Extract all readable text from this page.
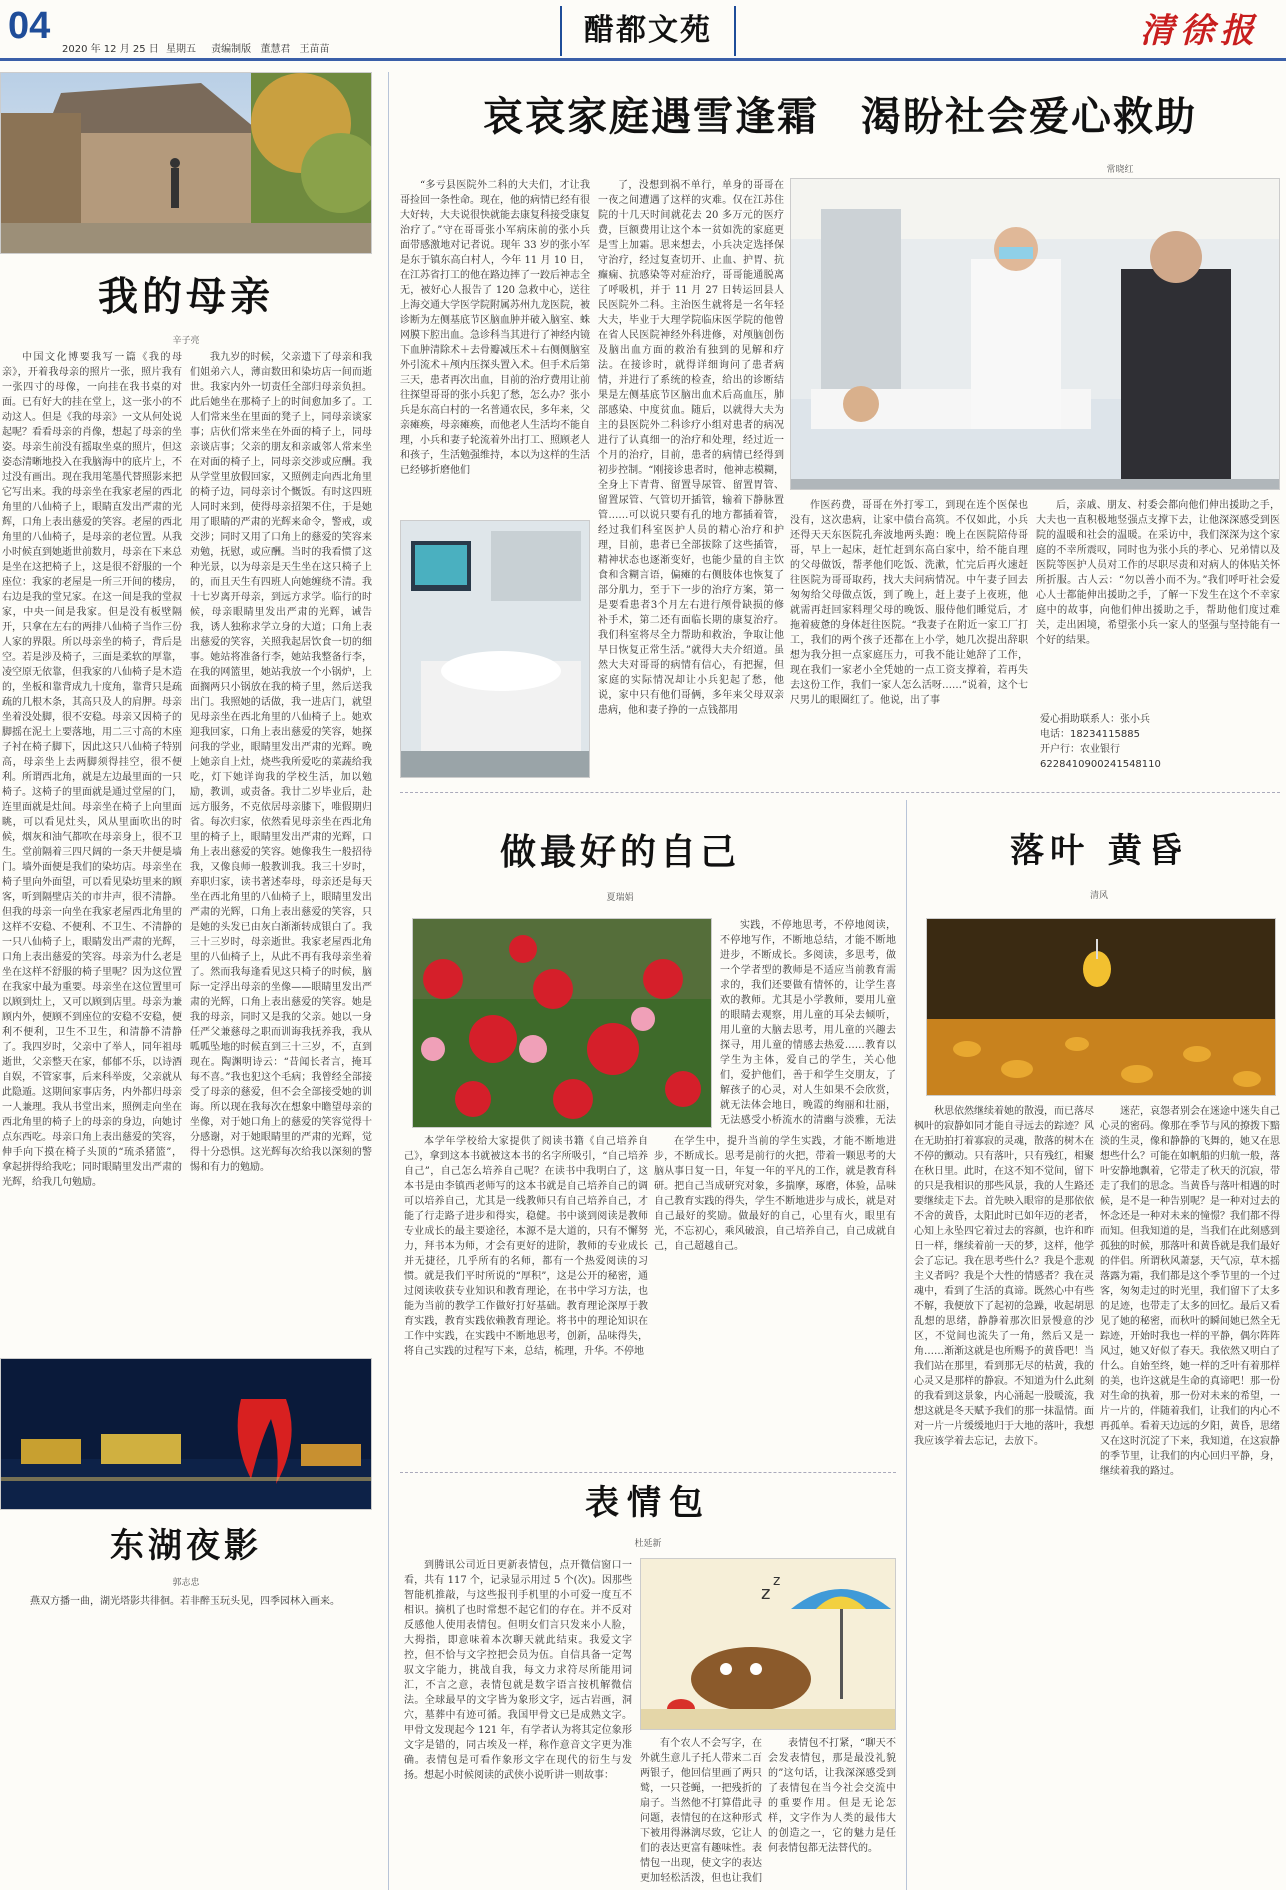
04
2020 年 12 月 25 日 星期五 责编制版 董慧君 王苗苗
醋都文苑	清徐报
我的母亲
辛子亮
中国文化博要我写一篇《我的母亲》，开着我母亲的照片一张，照片我有一张四寸的母像，一向挂在我书桌的对面。已有好大的挂在堂上，这一张小的不动这人。但是《我的母亲》一文从何处说起呢？看看母亲的肖像，想起了母亲的坐姿。母亲生前没有摇取坐桌的照片，但这姿态清晰地投入在我脑海中的底片上，不过没有画出。现在我用笔墨代替照影来把它写出来。我的母亲坐在我家老屋的西北角里的八仙椅子上，眼睛直发出严肃的光辉，口角上表出慈爱的笑容。老屋的西北角里的八仙椅子，是母亲的老位置。从我小时候直到她逝世前数月，母亲在下来总是坐在这把椅子上，这是很不舒服的一个座位：我家的老屋是一所三开间的楼房，右边是我的堂兄家。在这一间是我的堂叔家，中央一间是我家。但是没有板壁隔开，只拿在左右的两排八仙椅子当作三份人家的界限。所以母亲坐的椅子，背后是空。若是涉及椅子，三面是柔软的厚靠，凌空原无依靠，但我家的八仙椅子是木造的，坐板和靠背成九十度角，靠背只是疏疏的几根木条，其高只及人的肩胛。母亲坐着没处脚，很不安稳。母亲又因椅子的脚摇在泥土上要落地，用二三寸高的木座子衬在椅子脚下，因此这只八仙椅子特别高，母亲坐上去两脚须得挂空，很不便利。所谓西北角，就是左边最里面的一只椅子。这椅子的里面就是通过堂屋的门，连里面就是灶间。母亲坐在椅子上向里面眺，可以看见灶头，风从里面吹出的时候，烟灰和油气都吹在母亲身上，很不卫生。堂前隔着三四尺阔的一条天井便是墙门。墙外面便是我们的染坊店。母亲坐在椅子里向外面望，可以看见染坊里来的顾客，听到隔壁店关的市井声，很不清静。但我的母亲一向坐在我家老屋西北角里的这样不安稳、不便利、不卫生、不清静的一只八仙椅子上，眼睛发出严肃的光辉，口角上表出慈爱的笑容。母亲为什么老是坐在这样不舒服的椅子里呢？因为这位置在我家中最为重要。母亲坐在这位置里可以顾到灶上，又可以顾到店里。母亲为兼顾内外，便顾不到座位的安稳不安稳，便利不便利，卫生不卫生，和清静不清静了。我四岁时，父亲中了举人，同年祖母逝世，父亲整天在家，郁郁不乐，以诗酒自娱，不管家事，后来科举废，父亲就从此隐遁。这期间家事店务，内外都归母亲一人兼理。我从书堂出来，照例走向坐在西北角里的椅子上的母亲的身边，向她讨点东西吃。母亲口角上表出慈爱的笑容，伸手向下摸在椅子头顶的“琉杀猪篮”，拿起拼得给我吃；同时眼睛里发出严肃的光辉，给我几句勉励。
我九岁的时候，父亲遗下了母亲和我们姐弟六人，薄亩数田和染坊店一间而逝世。我家内外一切责任全部归母亲负担。此后她坐在那椅子上的时间愈加多了。工人们常来坐在里面的凳子上，同母亲谈家事；店伙们常来坐在外面的椅子上，同母亲谈店事；父亲的朋友和亲戚邻人常来坐在对面的椅子上，同母亲交涉或应酬。我从学堂里放假回家，又照例走向西北角里的椅子边，同母亲讨个慨饭。有时这四班人同时来到，使得母亲招架不住，于是她用了眼睛的严肃的光辉来命令，警戒，或交涉；同时又用了口角上的慈爱的笑容来劝勉，抚慰，或应酬。当时的我看惯了这种光景，以为母亲是天生坐在这只椅子上的，而且天生有四班人向她缠绕不清。我十七岁离开母亲，到远方求学。临行的时候，母亲眼睛里发出严肃的光辉，诫告我，诱人独称求学立身的大道；口角上表出慈爱的笑容，关照我起居饮食一切的细事。她站将准备行李，她站我整备行李，在我的网篮里，她站我放一个小锅炉，上面搁两只小锅放在我的椅子里，然后送我出门。我照她的话做，我一进店门，就望见母亲坐在西北角里的八仙椅子上。她欢迎我回家，口角上表出慈爱的笑容，她探问我的学业，眼睛里发出严肃的光辉。晚上她亲自上灶，烧些我所爱吃的菜蔬给我吃，灯下她详询我的学校生活，加以勉励，教训，或责备。我廿二岁毕业后，赴远方服务，不克依居母亲膝下，唯假期归省。每次归家，依然看见母亲坐在西北角里的椅子上，眼睛里发出严肃的光辉，口角上表出慈爱的笑容。她像我生一般招待我，又像良师一般教训我。我三十岁时，弃职归家，读书著述奉母，母亲还是每天坐在西北角里的八仙椅子上，眼睛里发出严肃的光辉，口角上表出慈爱的笑容，只是她的头发已由灰白渐渐转成银白了。我三十三岁时，母亲逝世。我家老屋西北角里的八仙椅子上，从此不再有我母亲坐着了。然而我每逢看见这只椅子的时候，脑际一定浮出母亲的坐像——眼睛里发出严肃的光辉，口角上表出慈爱的笑容。她是我的母亲，同时又是我的父亲。她以一身任严父兼慈母之职而训诲我抚养我，我从呱呱坠地的时候直到三十三岁，不，直到现在。陶渊明诗云：“昔闻长者言，掩耳每不喜。”我也犯这个毛病；我曾经全部接受了母亲的慈爱，但不会全部接受她的训诲。所以现在我每次在想象中瞻望母亲的坐像，对于她口角上的慈爱的笑容觉得十分感谢，对于她眼睛里的严肃的光辉，觉得十分恐惧。这光辉每次给我以深刻的警惕和有力的勉励。
东湖夜影
郭志忠
燕双方播一曲，湖光塔影共徘徊。若非醉玉玩头见，四季园林入画来。
哀哀家庭遇雪逢霜　渴盼社会爱心救助
常晓红
“多亏县医院外二科的大夫们，才让我哥捡回一条性命。现在，他的病情已经有很大好转，大夫说很快就能去康复科接受康复治疗了。”守在哥哥张小军病床前的张小兵面带感激地对记者说。现年 33 岁的张小军是东于镇东高白村人，今年 11 月 10 日，在江苏省打工的他在路边摔了一跤后神志全无，被好心人报告了 120 急救中心，送往上海交通大学医学院附属苏州九龙医院，被诊断为左侧基底节区脑血肿并破入脑室、蛛网膜下腔出血。急诊科当其进行了神经内镜下血肿清除术＋去骨瓣减压术＋右侧侧脑室外引流术＋颅内压探头置入术。但手术后第三天，患者再次出血，目前的治疗费用让前往探望哥哥的张小兵犯了愁，怎么办？张小兵是东高白村的一名普通农民，多年来，父亲瘫痪，母亲瘫痪，而他老人生活均不能自理，小兵和妻子轮流着外出打工、照顾老人和孩子，生活勉强维持，本以为这样的生活已经够折磨他们
了，没想到祸不单行，单身的哥哥在一夜之间遭遇了这样的灾难。仅在江苏住院的十几天时间就花去 20 多万元的医疗费，巨额费用让这个本一贫如洗的家庭更是雪上加霜。思来想去，小兵决定选择保守治疗，经过复查切开、止血、护胃、抗癫痫、抗感染等对症治疗，哥哥能通脱离了呼吸机，并于 11 月 27 日转运回县人民医院外二科。主治医生就将是一名年轻大夫，毕业于大理学院临床医学院的他曾在省人民医院神经外科进修，对颅脑创伤及脑出血方面的救治有独到的见解和疗法。在接诊时，就得详细询问了患者病情，并进行了系统的检查，给出的诊断结果是左侧基底节区脑出血术后高血压，肺部感染、中度贫血。随后，以就得大夫为主的县医院外二科诊疗小组对患者的病况进行了认真细一的治疗和处理，经过近一个月的治疗，目前，患者的病情已经得到初步控制。“刚接诊患者时，他神志模糊，全身上下青背、留置导尿管、留置胃管、留置尿管、气管切开插管，输着下静脉置管……可以说只要有孔的地方都插着管，经过我们科室医护人员的精心治疗和护理，目前，患者已全部拔除了这些插管，精神状态也逐渐变好，也能少量的自主饮食和含糊言语，偏瘫的右侧肢体也恢复了部分肌力，至于下一步的治疗方案，第一是要看患者3个月左右进行颅骨缺损的修补手术，第二还有面临长期的康复治疗。我们科室将尽全力帮助和救治，争取让他早日恢复正常生活。”就得大夫介绍道。虽然大夫对哥哥的病情有信心，有把握，但家庭的实际情况却让小兵犯起了愁，他说，家中只有他们哥俩，多年来父母双亲患病，他和妻子挣的一点钱都用
作医药费，哥哥在外打零工，到现在连个医保也没有，这次患病，让家中债台高筑。不仅如此，小兵还得天天东医院孔奔波地两头跑：晚上在医院陪侍哥哥，早上一起床，赶忙赶到东高白家中，给不能自理的父母做饭，帮孝他们吃饭、洗漱，忙完后再火速赶往医院为哥哥取药，找大夫问病情况。中午妻子回去匆匆给父母做点饭，到了晚上，赶上妻子上夜班，他就需再赶回家料理父母的晚饭、服侍他们睡觉后，才拖着疲惫的身体赶往医院。“我妻子在附近一家工厂打工，我们的两个孩子还都在上小学，她几次提出辞职想为我分担一点家庭压力，可我不能让她辞了工作，现在我们一家老小全凭她的一点工资支撑着，若再失去这份工作，我们一家人怎么活呀……”说着，这个七尺男儿的眼圈红了。他说，出了事
后，亲戚、朋友、村委会都向他们伸出援助之手，大夫也一直积极地竖强点支撑下去，让他深深感受到医院的温暖和社会的温暖。在采访中，我们深深为这个家庭的不幸所震叹，同时也为张小兵的孝心、兄弟情以及医院等医护人员对工作的尽职尽责和对病人的体贴关怀所折服。古人云：“勿以善小而不为。”我们呼吁社会爱心人士都能伸出援助之手，了解一下发生在这个不幸家庭中的故事，向他们伸出援助之手，帮助他们度过难关，走出困境，希望张小兵一家人的坚强与坚持能有一个好的结果。
爱心捐助联系人：张小兵
电话：18234115885
开户行：农业银行
6228410900241548110
做最好的自己
夏瑞娟
实践，不停地思考，不停地阅读，不停地写作，不断地总结，才能不断地进步，不断成长。多阅读，多思考，做一个学者型的教师是不适应当前教育需求的，我们还要做有情怀的，让学生喜欢的教师。尤其是小学教师，要用儿童的眼睛去观察，用儿童的耳朵去倾听，用儿童的大脑去思考，用儿童的兴趣去探寻，用儿童的情感去热爱……教育以学生为主体，爱自己的学生，关心他们，爱护他们，善于和学生交朋友，了解孩子的心灵，对人生如果不会欣赏，就无法体会地日，晚霞的绚丽和壮丽，无法感受小桥流水的清幽与淡雅，无法
本学年学校给大家提供了阅读书籍《自己培养自己》，拿到这本书就被这本书的名字所吸引，“自己培养自己”，自己怎么培养自己呢？在读书中我明白了，这本书是由李镇西老师写的这本书就是自己培养自己的调可以培养自己，尤其是一线教师只有自己培养自己，才能了行走路子进步和得实，稳健。书中谈到阅读是教师专业成长的最主要途径，本源不是大道的，只有不懈努力，拜书本为师，才会有更好的进阶，教师的专业成长并无捷径，几乎所有的名师，都有一个热爱阅读的习惯。就是我们平时所说的“厚积”，这是公开的秘密，通过阅读收获专业知识和教育理论，在书中学习方法，也能为当前的教学工作做好打好基础。教育理论深厚于教育实践，教育实践依赖教育理论。将书中的理论知识在工作中实践，在实践中不断地思考，创新，品味得失，将自己实践的过程写下来，总结，梳理，升华。不停地
在学生中，提升当前的学生实践，才能不断地进步，不断成长。思考是前行的火把，带着一颗思考的大脑从事日复一日，年复一年的平凡的工作，就是教育科研。把自己当成研究对象，多揣摩，琢磨，体验，品味自己教育实践的得失，学生不断地进步与成长，就是对自己最好的奖励。做最好的自己，心里有火，眼里有光，不忘初心，乘风破浪，自己培养自己，自己成就自己，自己超越自己。
落叶 黄昏
清风
秋思依然继续着她的散漫，而已落尽枫叶的寂静如同才能自寻远去的踪迹？风在无助拍打着寡寂的灵魂，散落的树木在不停的颤动。只有落叶，只有残红，相聚在秋日里。此时，在这不知不觉间，留下的只是我相识的那些风景，我的人生路还要继续走下去。首先映入眼帘的是那依依不舍的黄昏，太阳此时已如年迈的老者，心知上永坠四它着过去的容颜，也许和昨日一样，继续着前一天的梦，这样，他学会了忘记。我在思考些什么？我是个悲观主义者吗？我是个大性的情感者？我在灵魂中，看到了生活的真谛。既然心中有些不解，我便放下了起初的急躁，收起胡思乱想的思绪，静静着那次旧景慢意的沙区，不觉间也流失了一角，然后又是一角……渐渐这就是也所赐予的黄昏吧！当我们站在那里，看到那无尽的枯黄，我的心灵又是那样的静寂。不知道为什么此刻的我看到这景象，内心涌起一股暖流，我想这就是冬天赋予我们的那一抹温情。面对一片一片缓缓地归于大地的落叶，我想我应该学着去忘记，去放下。
迷茫，哀怨者别会在迷途中迷失自己心灵的密码。像那在季节与风的撩拨下黯淡的生灵，像和静静的飞舞的，她又在思想些什么？可能在如帆船的归航一般，落叶安静地飘着，它带走了秋天的沉寂，带走了我们的思念。当黄昏与落叶相遇的时候，是不是一种告别呢？是一种对过去的怀念还是一种对未来的憧憬？我们都不得而知。但我知道的是，当我们在此刻感到孤独的时候，那落叶和黄昏就是我们最好的伴侣。所谓秋风萧瑟，天气凉，草木摇落露为霜，我们都是这个季节里的一个过客，匆匆走过的时光里，我们留下了太多的足迹，也带走了太多的回忆。最后又看见了她的秘密，而秋叶的瞬间她已然全无踪迹，开始时我也一样的平静，偶尔阵阵风过，她又好似了春天。我依然又明白了什么。自始至终，她一样的乏叶有着那样的美，也许这就是生命的真谛吧！那一份对生命的执着，那一份对未来的希望，一片一片的，伴随着我们，让我们的内心不再孤单。看着天边远的夕阳，黄昏，思绪又在这时沉淀了下来，我知道，在这寂静的季节里，让我们的内心回归平静，身，继续着我的路过。
表情包
杜延新
到腾讯公司近日更新表情包，点开微信窗口一看，共有 117 个，记录显示用过 5 个(次)。因那些智能机推敲，与这些报刊手机里的小可爱一度互不相识。摘机了也时常想不起它们的存在。并不反对反感他人使用表情包。但明女们言只发来小人脸，大拇指，即意味着本次聊天就此结束。我爱文字控，但不恰与文字控把会员为伍。自信具备一定驾驭文字能力，挑战自我，每文力求符尽所能用词汇，不言之意，表情包就是数字语言按机解微信法。全球最早的文字皆为象形文字，远古岩画，洞穴，墓葬中有迹可循。我国甲骨文已是成熟文字。甲骨文发现起今 121 年，有学者认为将其定位象形文字是错的，同古埃及一样，称作意音文字更为准确。表情包是可看作象形文字在现代的衍生与发扬。想起小时候阅读的武侠小说听讲一则故事：
z
z
有个农人不会写字，在外就生意儿子托人带来二百两银子，他回信里画了两只鹫，一只苍蝇，一把残折的扇子。当然他不打算借此寻问题，表情包的在这种形式下被用得淋漓尽致，它让人们的表达更富有趣味性。表情包一出现，使文字的表达更加轻松活泼，但也让我们
表情包不打紧，“聊天不会发表情包，那是最没礼貌的”这句话，让我深深感受到了表情包在当今社会交流中的重要作用。但是无论怎样，文字作为人类的最伟大的创造之一，它的魅力是任何表情包都无法替代的。
